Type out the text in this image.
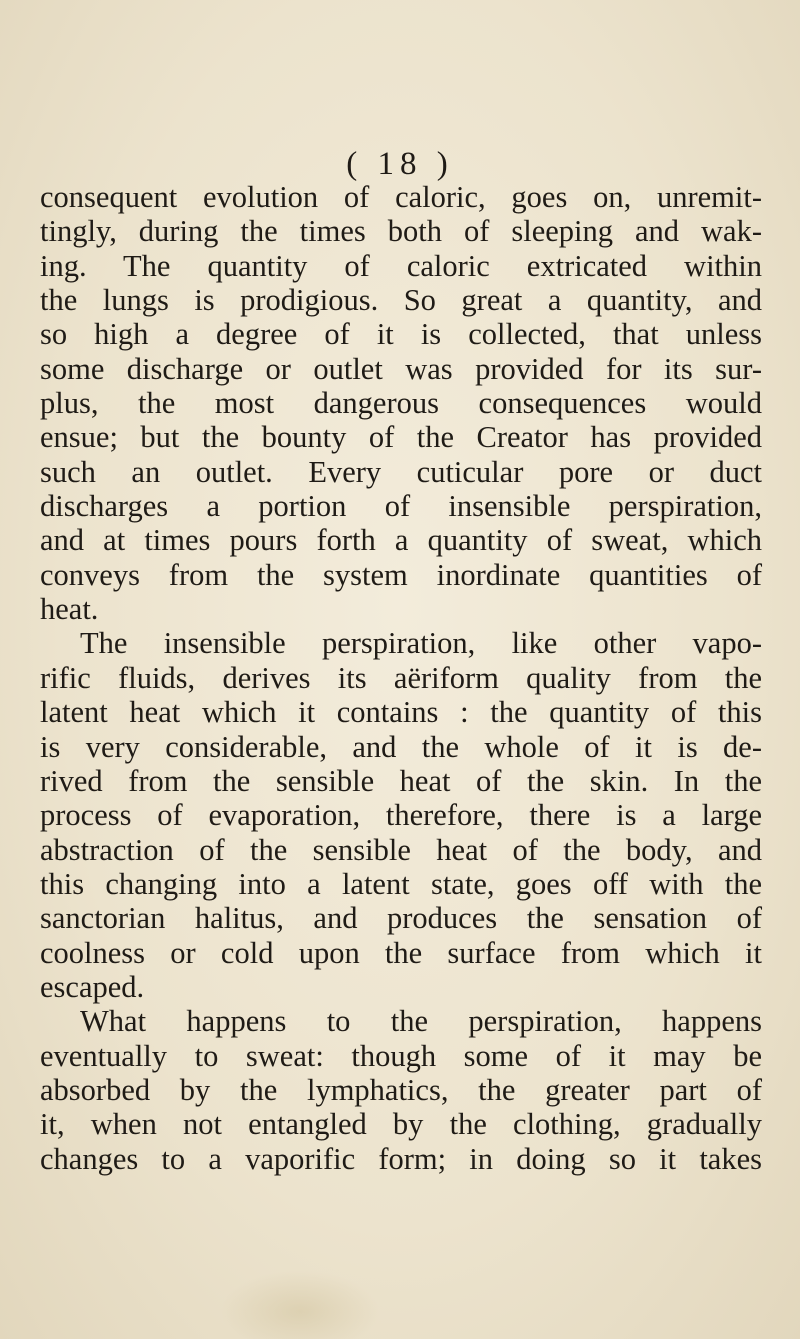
( 18 )
consequent evolution of caloric, goes on, unremit-
tingly, during the times both of sleeping and wak-
ing. The quantity of caloric extricated within
the lungs is prodigious. So great a quantity, and
so high a degree of it is collected, that unless
some discharge or outlet was provided for its sur-
plus, the most dangerous consequences would
ensue; but the bounty of the Creator has provided
such an outlet. Every cuticular pore or duct
discharges a portion of insensible perspiration,
and at times pours forth a quantity of sweat, which
conveys from the system inordinate quantities of
heat.
The insensible perspiration, like other vapo-
rific fluids, derives its aëriform quality from the
latent heat which it contains : the quantity of this
is very considerable, and the whole of it is de-
rived from the sensible heat of the skin. In the
process of evaporation, therefore, there is a large
abstraction of the sensible heat of the body, and
this changing into a latent state, goes off with the
sanctorian halitus, and produces the sensation of
coolness or cold upon the surface from which it
escaped.
What happens to the perspiration, happens
eventually to sweat: though some of it may be
absorbed by the lymphatics, the greater part of
it, when not entangled by the clothing, gradually
changes to a vaporific form; in doing so it takes
